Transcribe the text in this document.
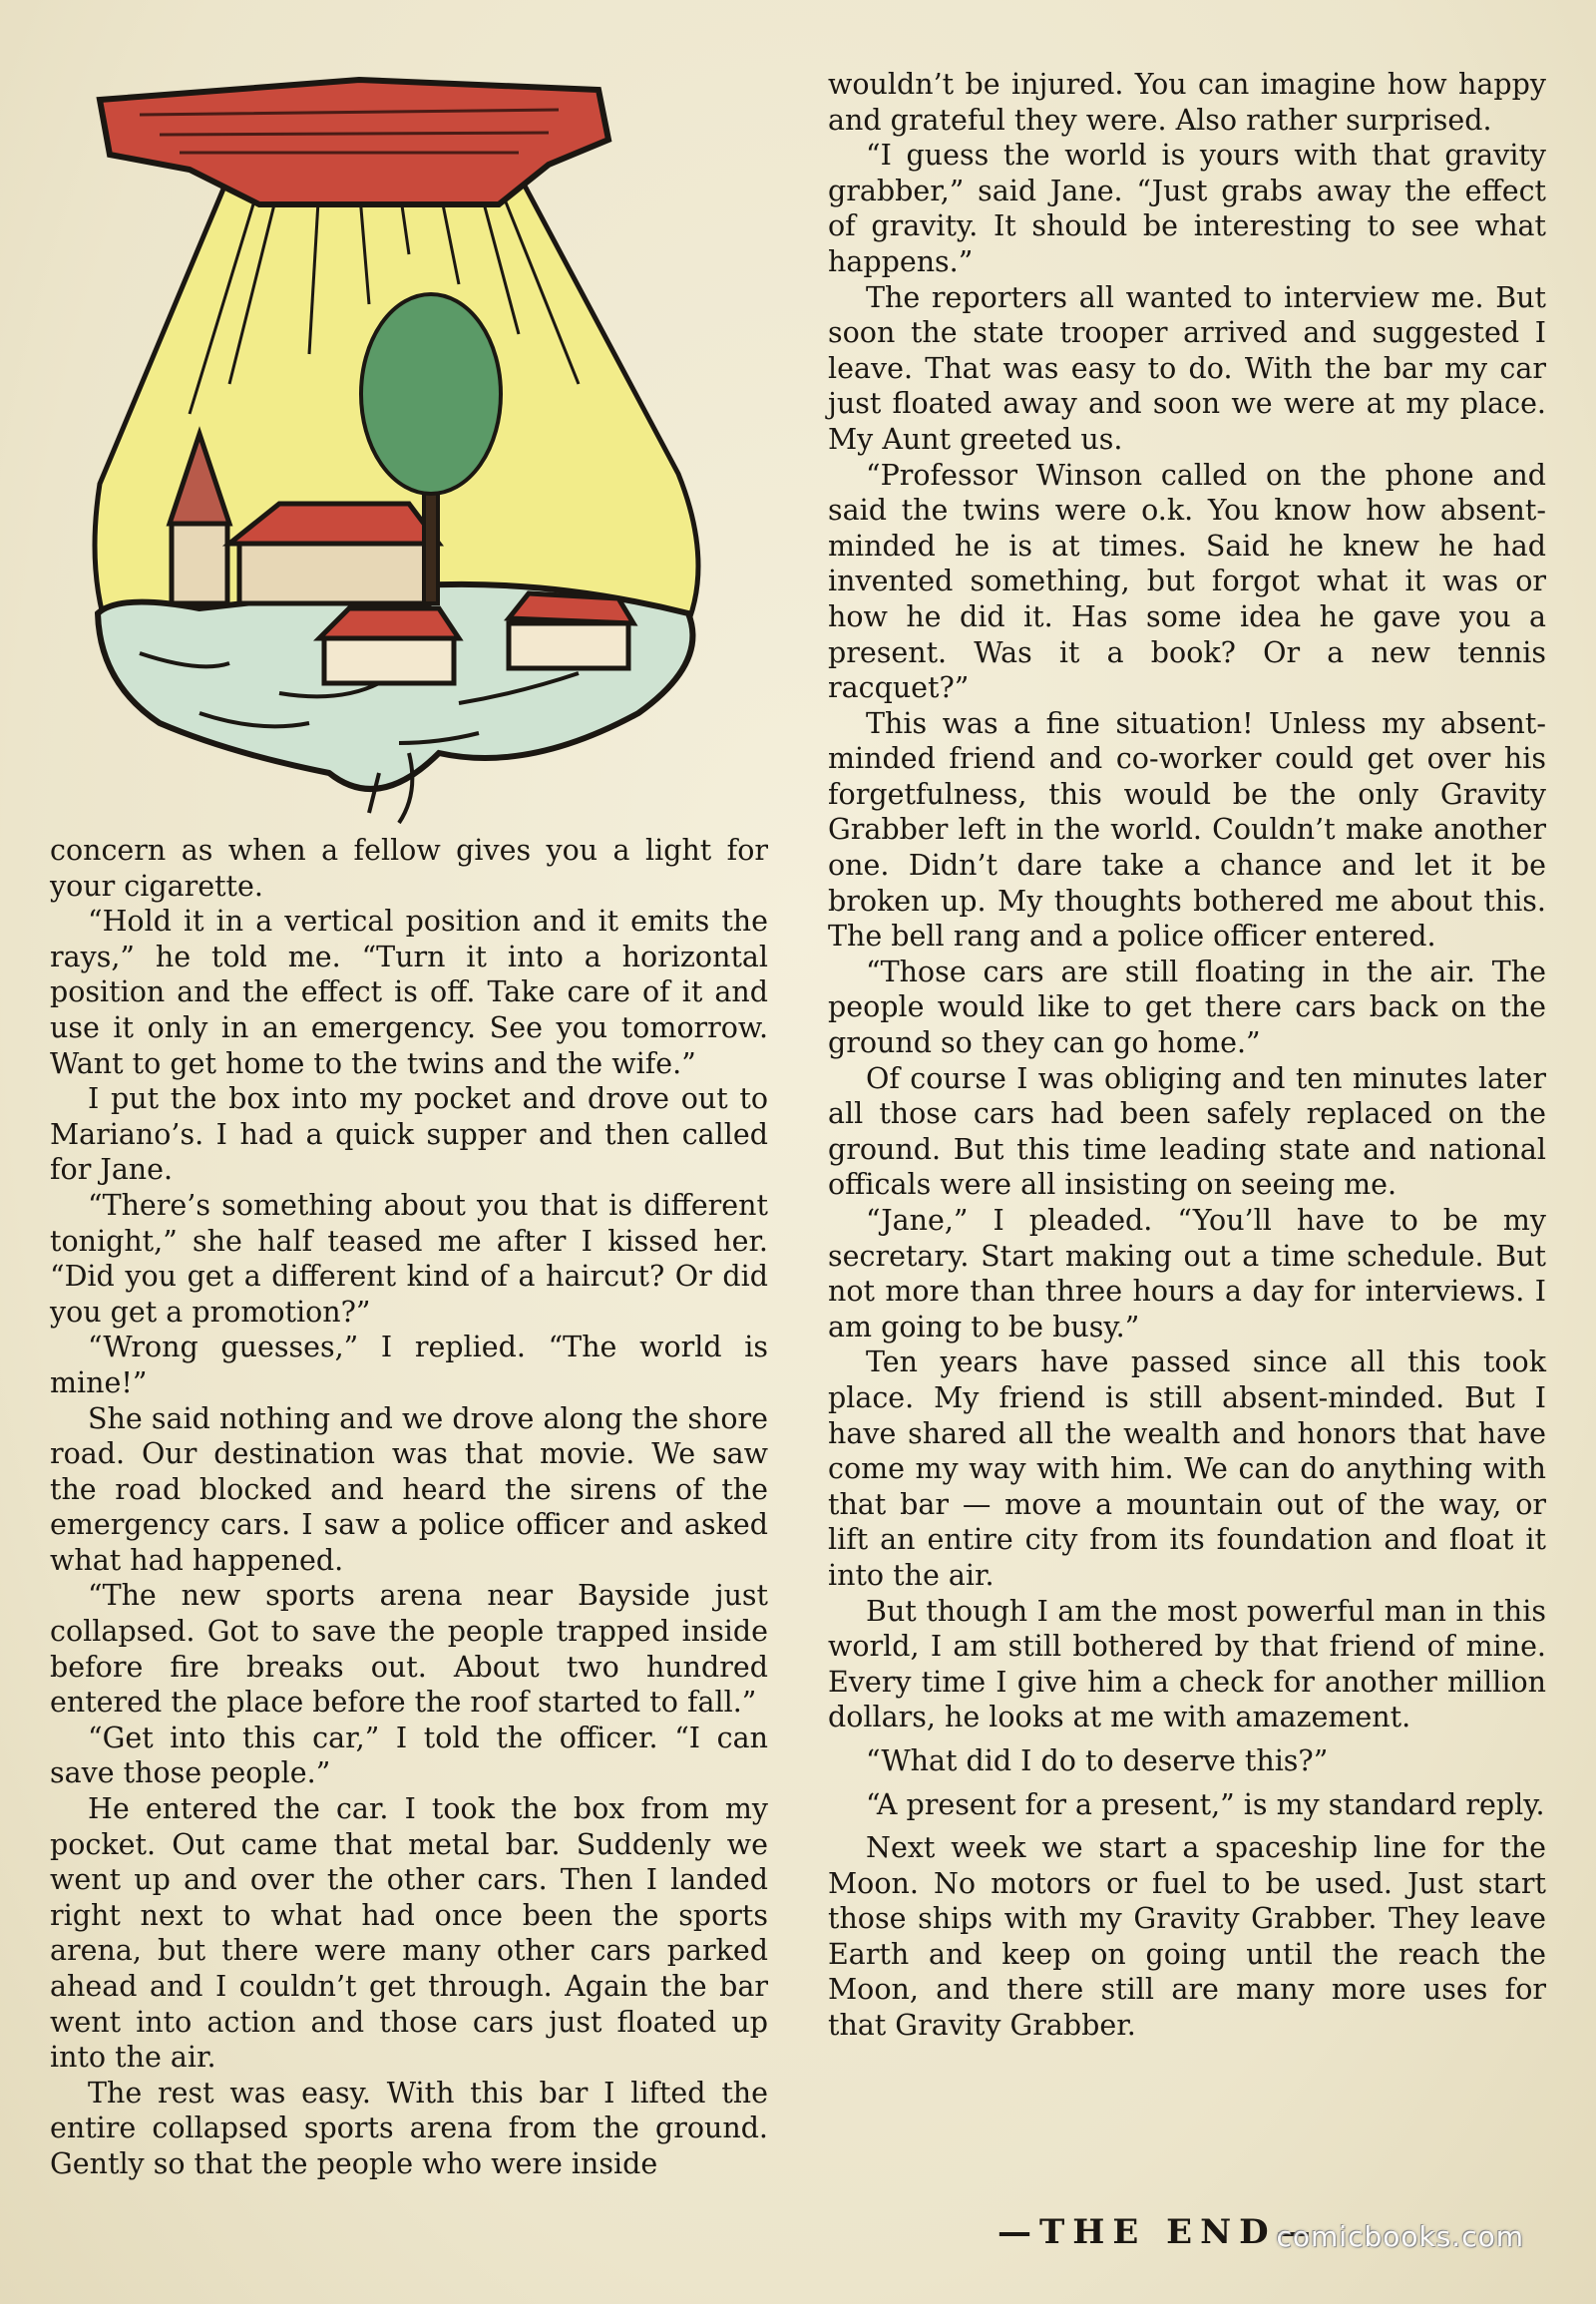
concern as when a fellow gives you a light for your cigarette.

“Hold it in a vertical position and it emits the rays,” he told me. “Turn it into a horizontal position and the effect is off. Take care of it and use it only in an emergency. See you tomorrow. Want to get home to the twins and the wife.”

I put the box into my pocket and drove out to Mariano’s. I had a quick supper and then called for Jane.

“There’s something about you that is different tonight,” she half teased me after I kissed her. “Did you get a different kind of a haircut? Or did you get a promotion?”

“Wrong guesses,” I replied. “The world is mine!”

She said nothing and we drove along the shore road. Our destination was that movie. We saw the road blocked and heard the sirens of the emergency cars. I saw a police officer and asked what had happened.

“The new sports arena near Bayside just collapsed. Got to save the people trapped inside before fire breaks out. About two hundred entered the place before the roof started to fall.”

“Get into this car,” I told the officer. “I can save those people.”

He entered the car. I took the box from my pocket. Out came that metal bar. Suddenly we went up and over the other cars. Then I landed right next to what had once been the sports arena, but there were many other cars parked ahead and I couldn’t get through. Again the bar went into action and those cars just floated up into the air.

The rest was easy. With this bar I lifted the entire collapsed sports arena from the ground. Gently so that the people who were inside

wouldn’t be injured. You can imagine how happy and grateful they were. Also rather surprised.

“I guess the world is yours with that gravity grabber,” said Jane. “Just grabs away the effect of gravity. It should be interesting to see what happens.”

The reporters all wanted to interview me. But soon the state trooper arrived and suggested I leave. That was easy to do. With the bar my car just floated away and soon we were at my place. My Aunt greeted us.

“Professor Winson called on the phone and said the twins were o.k. You know how absent-minded he is at times. Said he knew he had invented something, but forgot what it was or how he did it. Has some idea he gave you a present. Was it a book? Or a new tennis racquet?”

This was a fine situation! Unless my absent-minded friend and co-worker could get over his forgetfulness, this would be the only Gravity Grabber left in the world. Couldn’t make another one. Didn’t dare take a chance and let it be broken up. My thoughts bothered me about this. The bell rang and a police officer entered.

“Those cars are still floating in the air. The people would like to get there cars back on the ground so they can go home.”

Of course I was obliging and ten minutes later all those cars had been safely replaced on the ground. But this time leading state and national officals were all insisting on seeing me.

“Jane,” I pleaded. “You’ll have to be my secretary. Start making out a time schedule. But not more than three hours a day for interviews. I am going to be busy.”

Ten years have passed since all this took place. My friend is still absent-minded. But I have shared all the wealth and honors that have come my way with him. We can do anything with that bar — move a mountain out of the way, or lift an entire city from its foundation and float it into the air.

But though I am the most powerful man in this world, I am still bothered by that friend of mine. Every time I give him a check for another million dollars, he looks at me with amazement.

“What did I do to deserve this?”

“A present for a present,” is my standard reply.

Next week we start a spaceship line for the Moon. No motors or fuel to be used. Just start those ships with my Gravity Grabber. They leave Earth and keep on going until the reach the Moon, and there still are many more uses for that Gravity Grabber.

—THE END—
comicbooks.com
